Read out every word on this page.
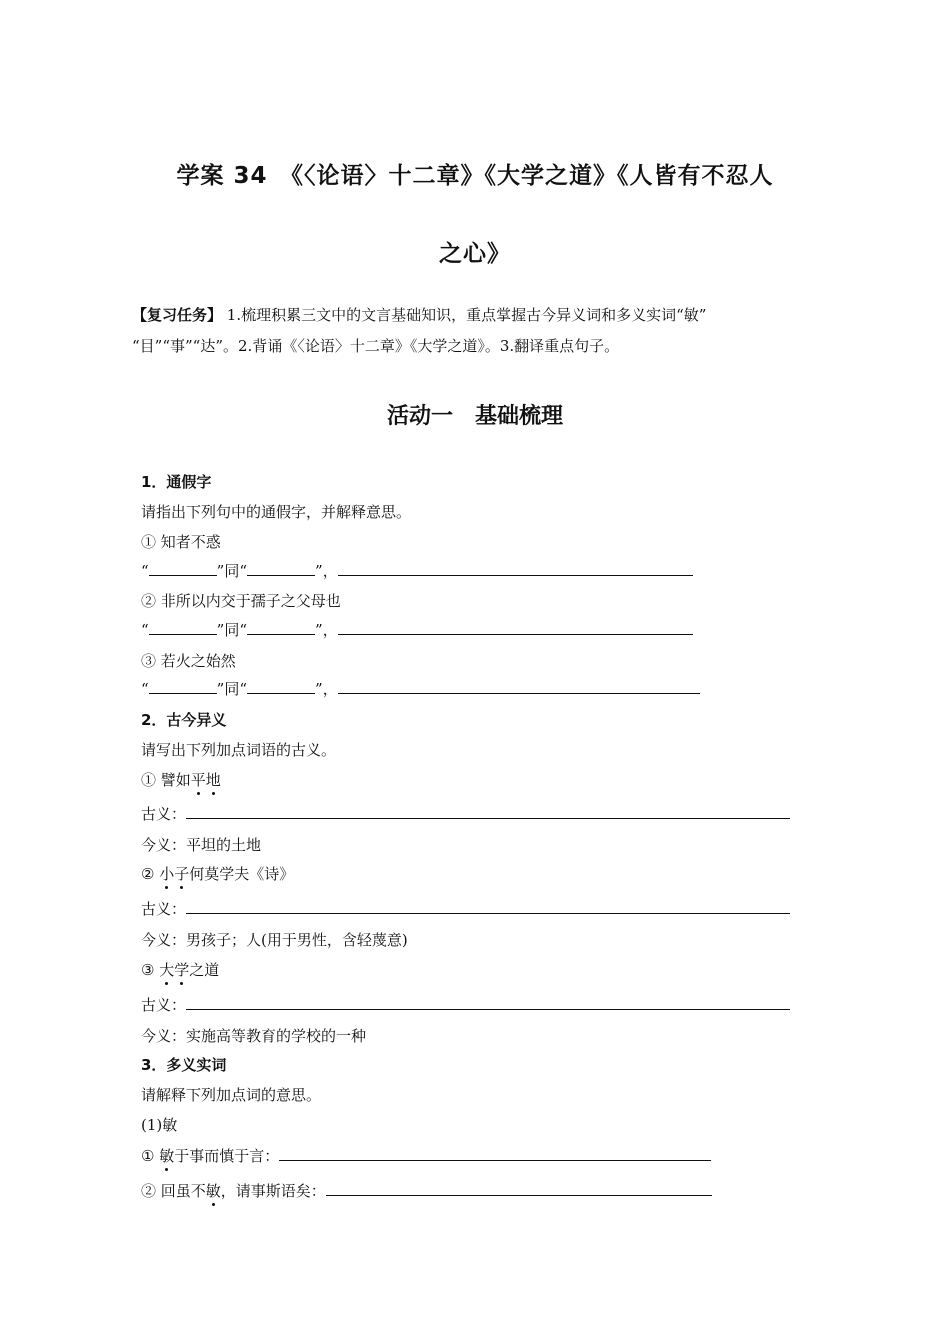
学案 34　《〈论语〉十二章》《大学之道》《人皆有不忍人
之心》
【复习任务】 1.梳理积累三文中的文言基础知识，重点掌握古今异义词和多义实词“敏”
“目”“事”“达”。2.背诵《〈论语〉十二章》《大学之道》。3.翻译重点句子。
活动一　基础梳理
1．通假字
请指出下列句中的通假字，并解释意思。
① 知者不惑
“	”同“	”，
② 非所以内交于孺子之父母也
“	”同“	”，
③ 若火之始然
“	”同“	”，
2．古今异义
请写出下列加点词语的古义。
① 譬如平地
古义：
今义：平坦的土地
② 小子何莫学夫《诗》
古义：
今义：男孩子；人(用于男性，含轻蔑意)
③ 大学之道
古义：
今义：实施高等教育的学校的一种
3．多义实词
请解释下列加点词的意思。
(1)敏
① 敏于事而慎于言：
② 回虽不敏，请事斯语矣：
